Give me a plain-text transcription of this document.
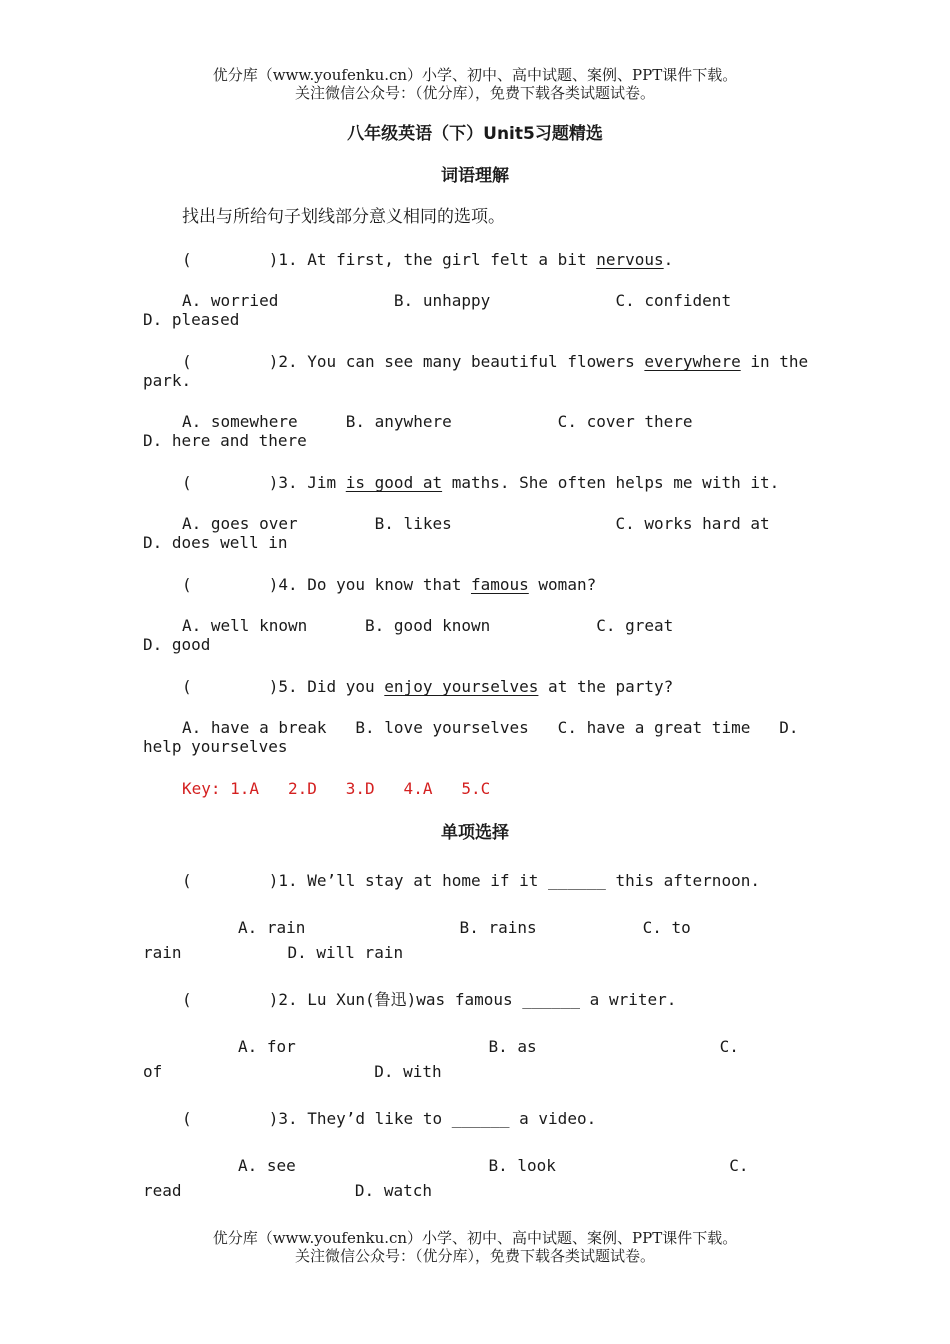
优分库（www.youfenku.cn）小学、初中、高中试题、案例、PPT课件下载。
关注微信公众号：（优分库），免费下载各类试题试卷。
八年级英语（下）Unit5习题精选
词语理解
找出与所给句子划线部分意义相同的选项。
(        )1. At first, the girl felt a bit nervous.
A. worried            B. unhappy             C. confident
D. pleased
(        )2. You can see many beautiful flowers everywhere in the
park.
A. somewhere     B. anywhere           C. cover there
D. here and there
(        )3. Jim is good at maths. She often helps me with it.
A. goes over        B. likes                 C. works hard at
D. does well in
(        )4. Do you know that famous woman?
A. well known      B. good known           C. great
D. good
(        )5. Did you enjoy yourselves at the party?
A. have a break   B. love yourselves   C. have a great time   D.
help yourselves
Key: 1.A   2.D   3.D   4.A   5.C
单项选择
(        )1. We’ll stay at home if it ______ this afternoon.
A. rain                B. rains           C. to
rain           D. will rain
(        )2. Lu Xun(鲁迅)was famous ______ a writer.
A. for                    B. as                   C.
of                      D. with
(        )3. They’d like to ______ a video.
A. see                    B. look                  C.
read                  D. watch
优分库（www.youfenku.cn）小学、初中、高中试题、案例、PPT课件下载。
关注微信公众号：（优分库），免费下载各类试题试卷。
